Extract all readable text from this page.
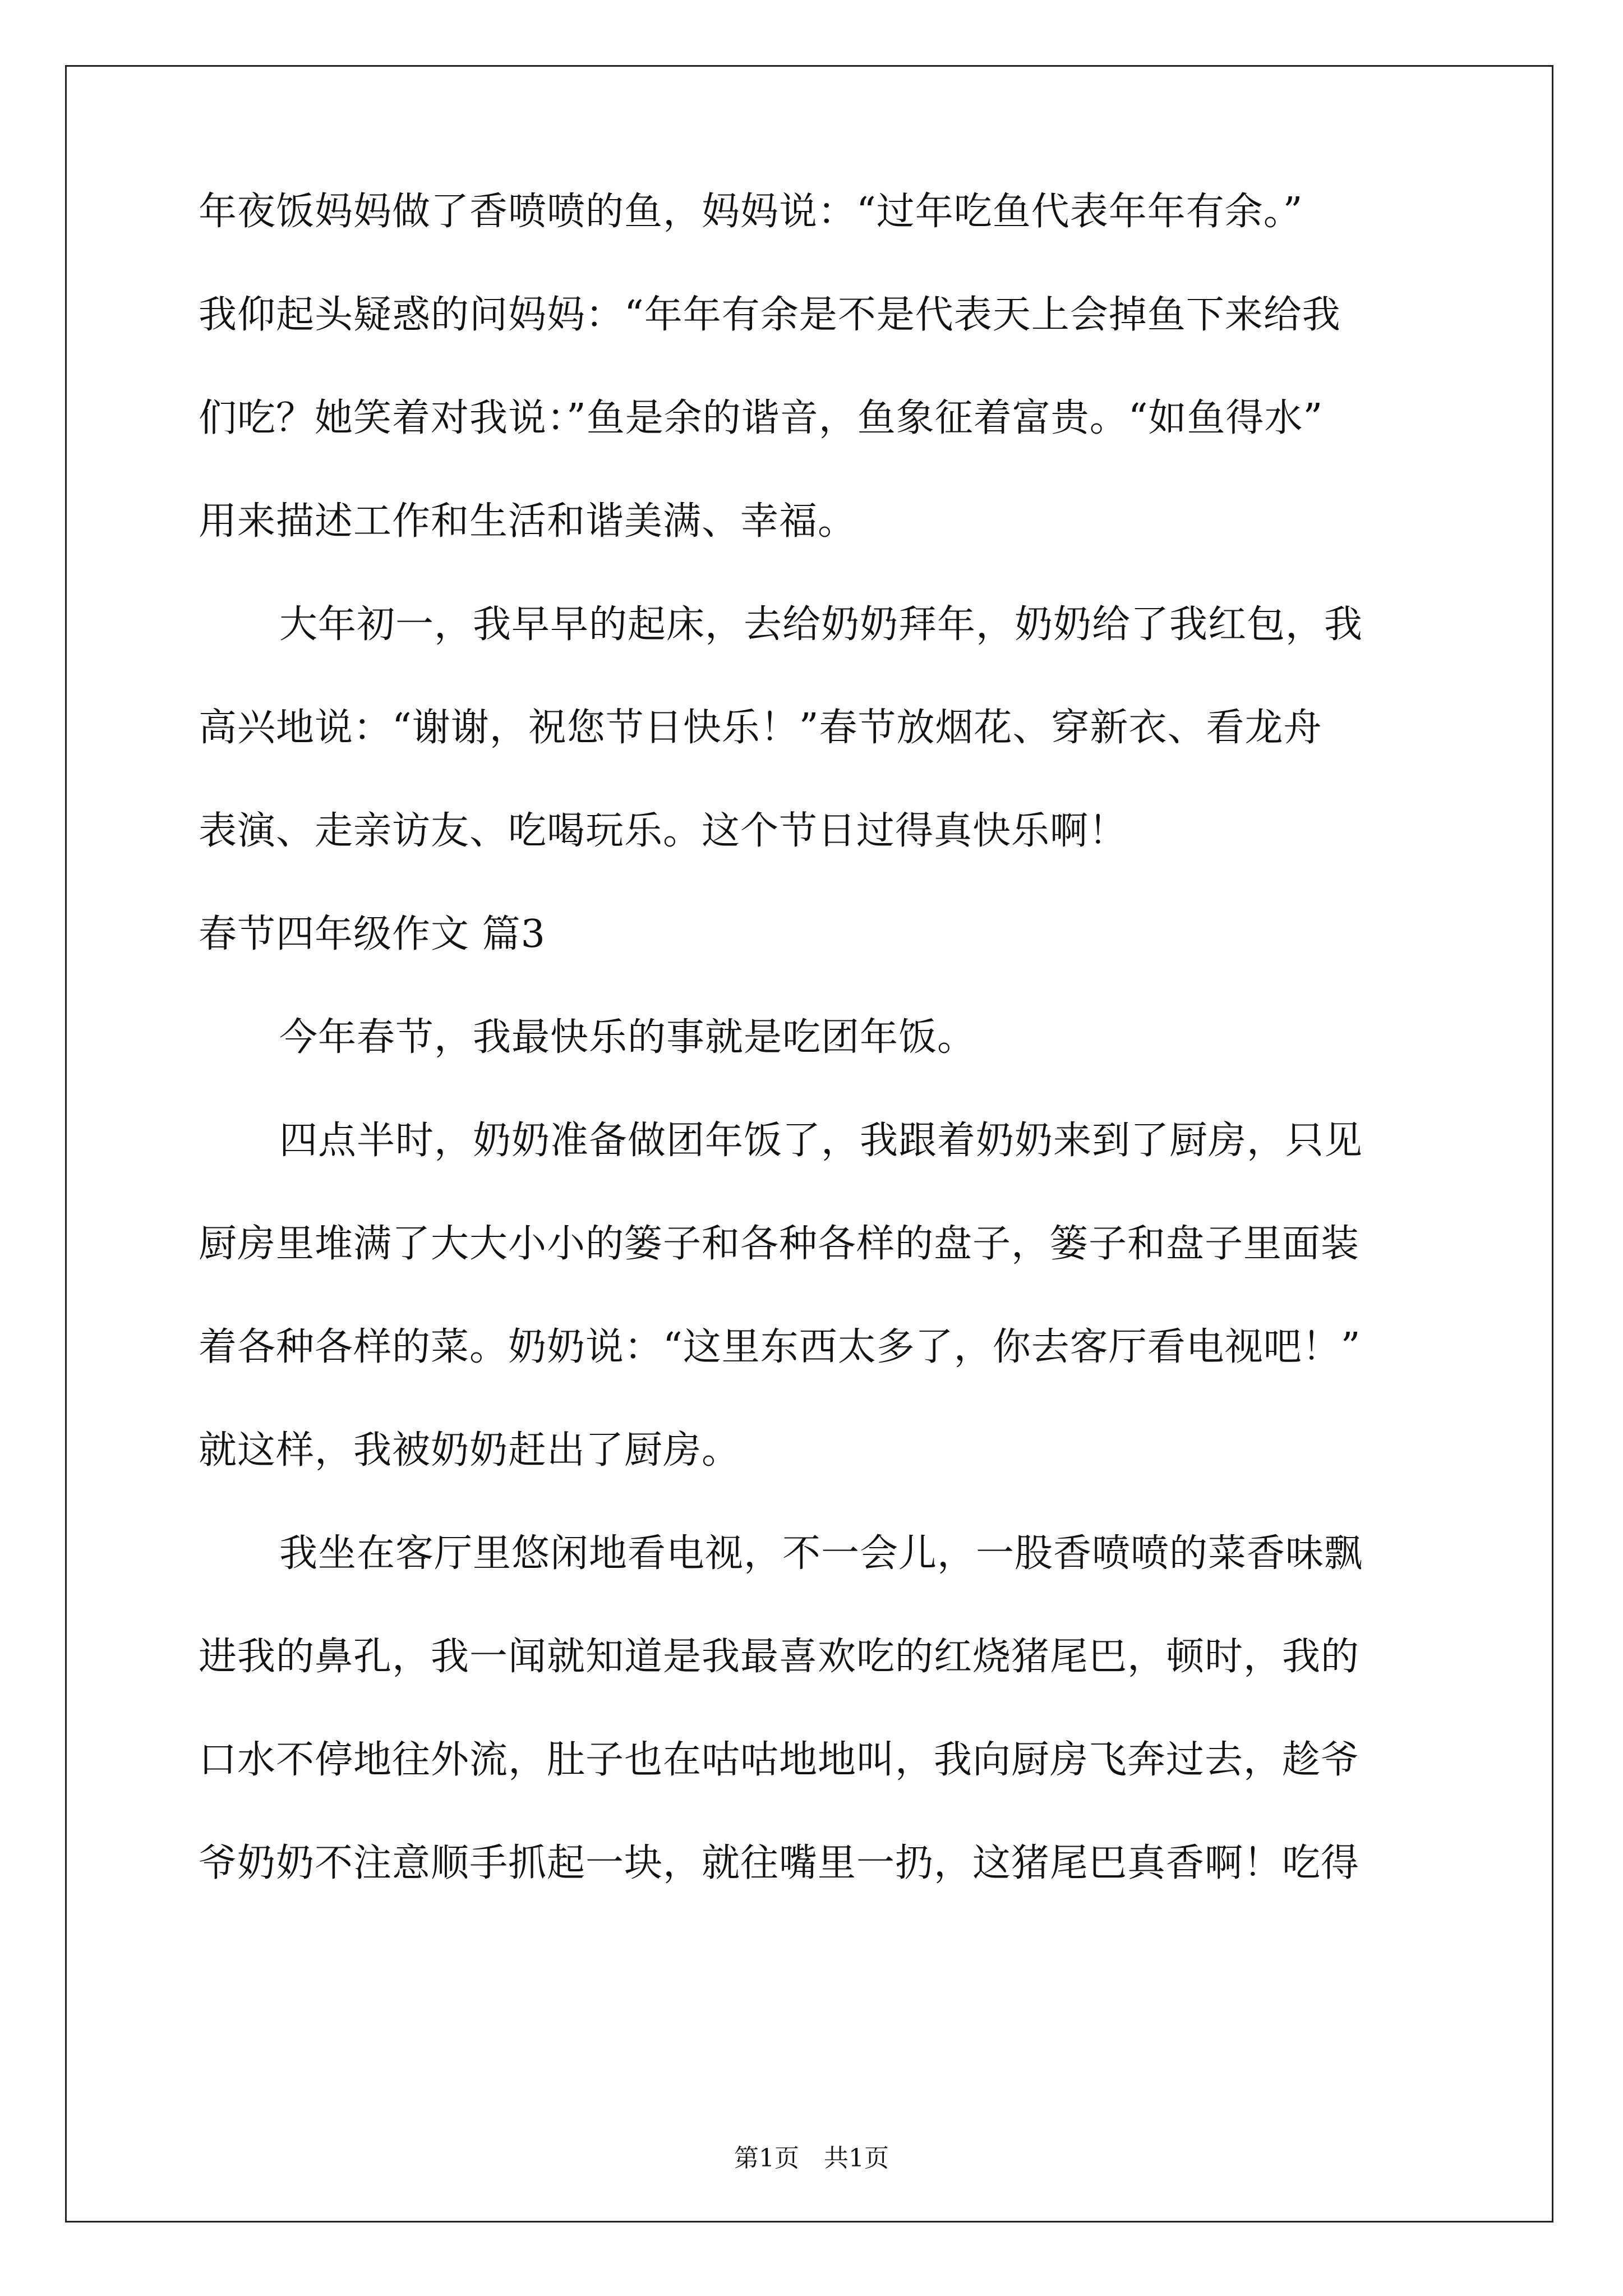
年夜饭妈妈做了香喷喷的鱼，妈妈说：“过年吃鱼代表年年有余。”
我仰起头疑惑的问妈妈：“年年有余是不是代表天上会掉鱼下来给我
们吃？她笑着对我说：”鱼是余的谐音，鱼象征着富贵。“如鱼得水”
用来描述工作和生活和谐美满、幸福。
大年初一，我早早的起床，去给奶奶拜年，奶奶给了我红包，我
高兴地说：“谢谢，祝您节日快乐！”春节放烟花、穿新衣、看龙舟
表演、走亲访友、吃喝玩乐。这个节日过得真快乐啊！
春节四年级作文 篇3
今年春节，我最快乐的事就是吃团年饭。
四点半时，奶奶准备做团年饭了，我跟着奶奶来到了厨房，只见
厨房里堆满了大大小小的篓子和各种各样的盘子，篓子和盘子里面装
着各种各样的菜。奶奶说：“这里东西太多了，你去客厅看电视吧！”
就这样，我被奶奶赶出了厨房。
我坐在客厅里悠闲地看电视，不一会儿，一股香喷喷的菜香味飘
进我的鼻孔，我一闻就知道是我最喜欢吃的红烧猪尾巴，顿时，我的
口水不停地往外流，肚子也在咕咕地地叫，我向厨房飞奔过去，趁爷
爷奶奶不注意顺手抓起一块，就往嘴里一扔，这猪尾巴真香啊！吃得
第1页　共1页
